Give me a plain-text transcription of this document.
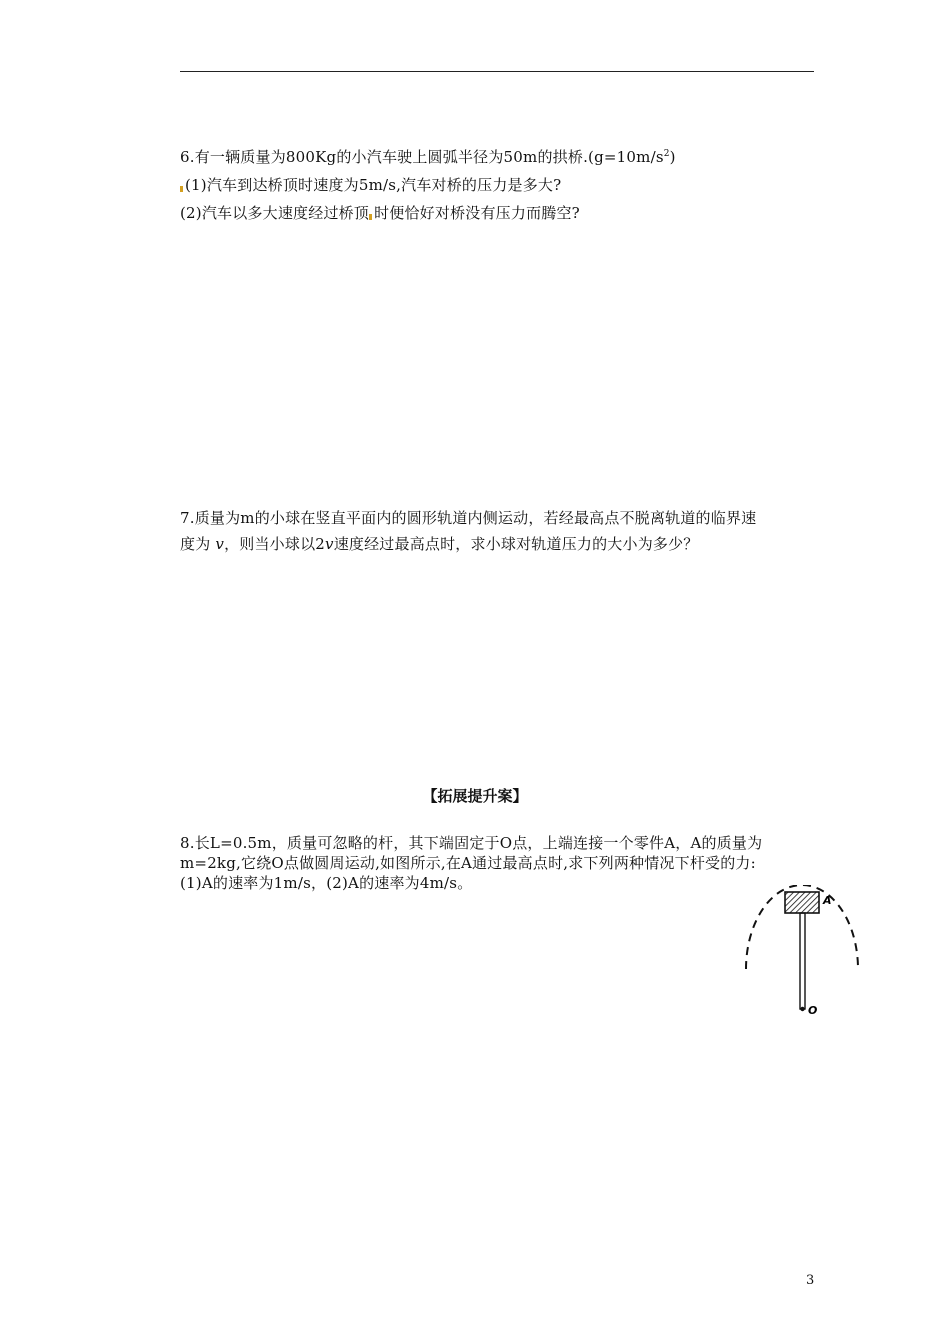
6.有一辆质量为800Kg的小汽车驶上圆弧半径为50m的拱桥$.(g=10m/s^2)$
(1)汽车到达桥顶时速度为5m/s,汽车对桥的压力是多大?
(2)汽车以多大速度经过桥顶 时便恰好对桥没有压力而腾空?
7.质量为m的小球在竖直平面内的圆形轨道内侧运动，若经最高点不脱离轨道的临界速
度为 v，则当小球以2v速度经过最高点时，求小球对轨道压力的大小为多少？
【拓展提升案】
8.长L=0.5m，质量可忽略的杆，其下端固定于O点，上端连接一个零件A，A的质量为
m=2kg,它绕O点做圆周运动,如图所示,在A通过最高点时,求下列两种情况下杆受的力:
(1)A的速率为1m/s，(2)A的速率为4m/s。
A
O
3
